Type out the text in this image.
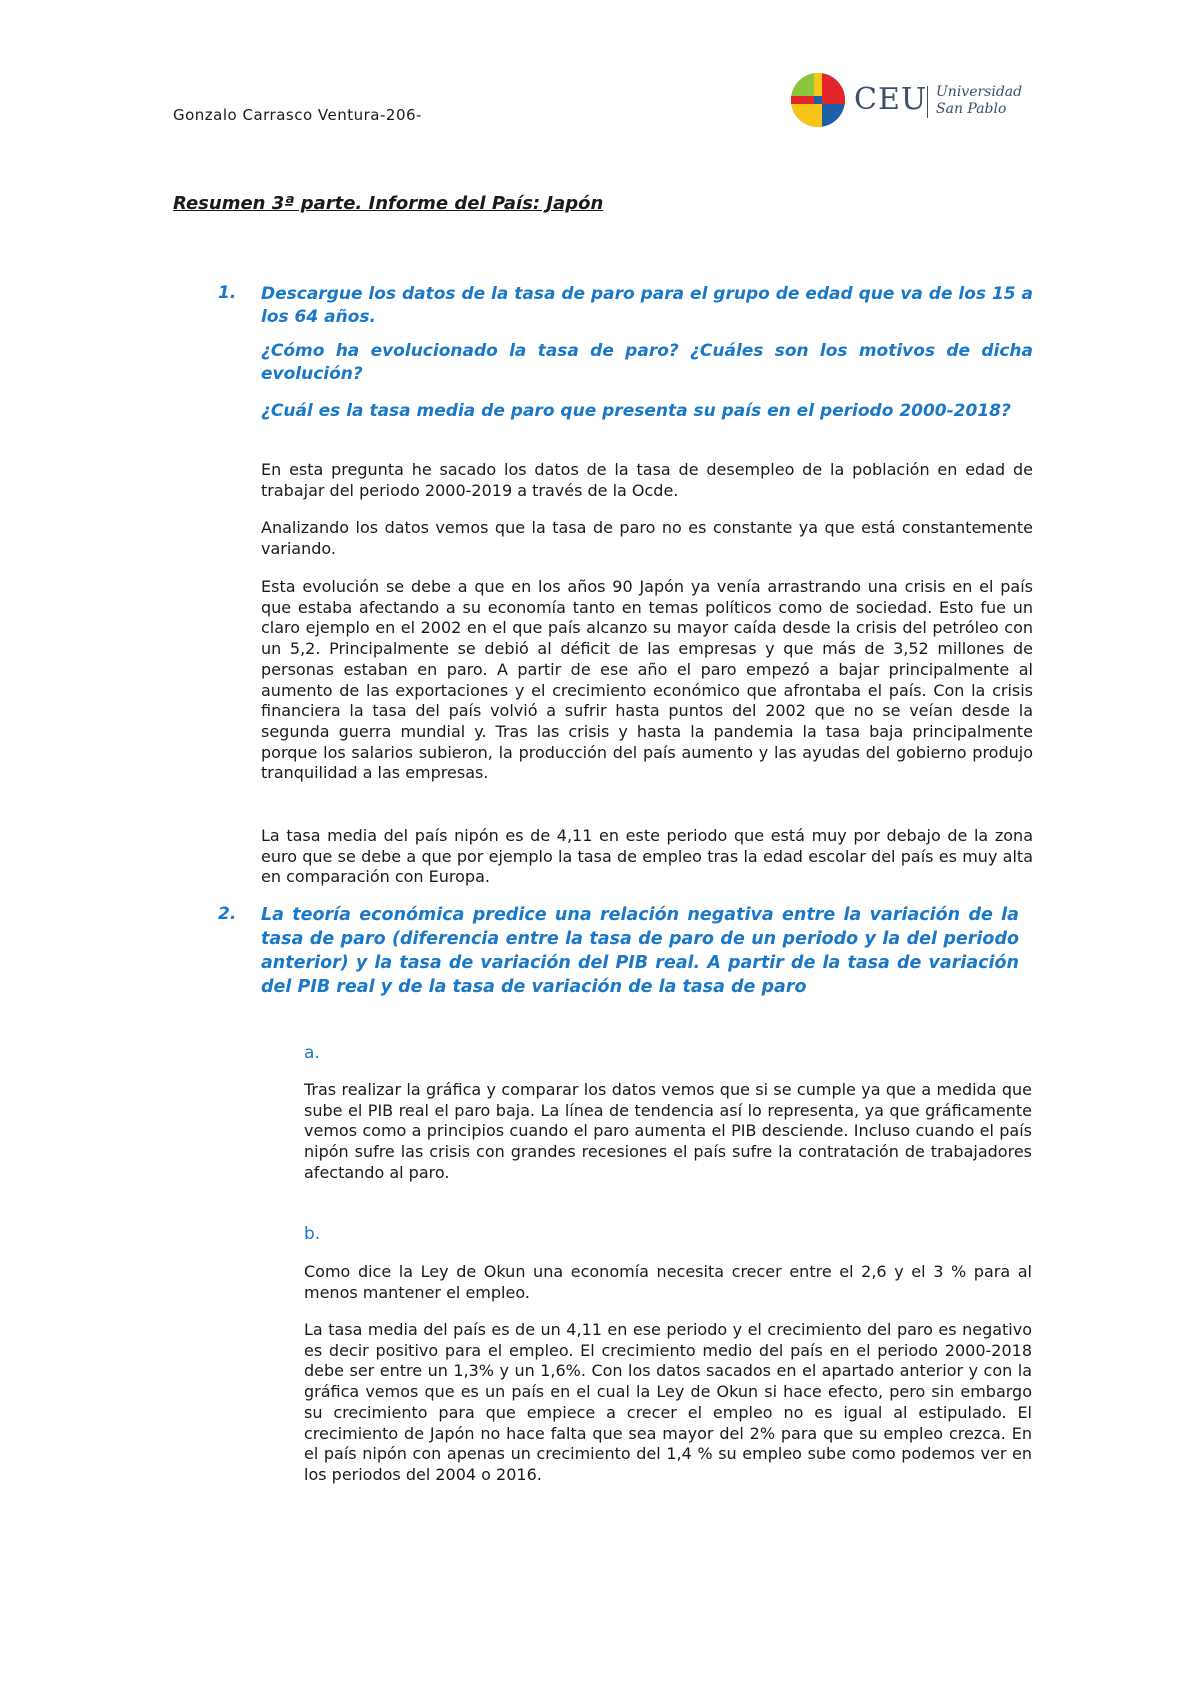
Gonzalo Carrasco Ventura-206-	CEU Universidad
San Pablo
Resumen 3ª parte. Informe del País: Japón
1. Descargue los datos de la tasa de paro para el grupo de edad que va de los 15 a los 64 años.
¿Cómo ha evolucionado la tasa de paro? ¿Cuáles son los motivos de dicha evolución?
¿Cuál es la tasa media de paro que presenta su país en el periodo 2000-2018?
En esta pregunta he sacado los datos de la tasa de desempleo de la población en edad de trabajar del periodo 2000-2019 a través de la Ocde.
Analizando los datos vemos que la tasa de paro no es constante ya que está constantemente variando.
Esta evolución se debe a que en los años 90 Japón ya venía arrastrando una crisis en el país que estaba afectando a su economía tanto en temas políticos como de sociedad. Esto fue un claro ejemplo en el 2002 en el que país alcanzo su mayor caída desde la crisis del petróleo con un 5,2. Principalmente se debió al déficit de las empresas y que más de 3,52 millones de personas estaban en paro. A partir de ese año el paro empezó a bajar principalmente al aumento de las exportaciones y el crecimiento económico que afrontaba el país. Con la crisis financiera la tasa del país volvió a sufrir hasta puntos del 2002 que no se veían desde la segunda guerra mundial y. Tras las crisis y hasta la pandemia la tasa baja principalmente porque los salarios subieron, la producción del país aumento y las ayudas del gobierno produjo tranquilidad a las empresas.
La tasa media del país nipón es de 4,11 en este periodo que está muy por debajo de la zona euro que se debe a que por ejemplo la tasa de empleo tras la edad escolar del país es muy alta en comparación con Europa.
2. La teoría económica predice una relación negativa entre la variación de la tasa de paro (diferencia entre la tasa de paro de un periodo y la del periodo anterior) y la tasa de variación del PIB real. A partir de la tasa de variación del PIB real y de la tasa de variación de la tasa de paro
a.
Tras realizar la gráfica y comparar los datos vemos que si se cumple ya que a medida que sube el PIB real el paro baja. La línea de tendencia así lo representa, ya que gráficamente vemos como a principios cuando el paro aumenta el PIB desciende. Incluso cuando el país nipón sufre las crisis con grandes recesiones el país sufre la contratación de trabajadores afectando al paro.
b.
Como dice la Ley de Okun una economía necesita crecer entre el 2,6 y el 3 % para al menos mantener el empleo.
La tasa media del país es de un 4,11 en ese periodo y el crecimiento del paro es negativo es decir positivo para el empleo. El crecimiento medio del país en el periodo 2000-2018 debe ser entre un 1,3% y un 1,6%. Con los datos sacados en el apartado anterior y con la gráfica vemos que es un país en el cual la Ley de Okun si hace efecto, pero sin embargo su crecimiento para que empiece a crecer el empleo no es igual al estipulado. El crecimiento de Japón no hace falta que sea mayor del 2% para que su empleo crezca. En el país nipón con apenas un crecimiento del 1,4 % su empleo sube como podemos ver en los periodos del 2004 o 2016.
